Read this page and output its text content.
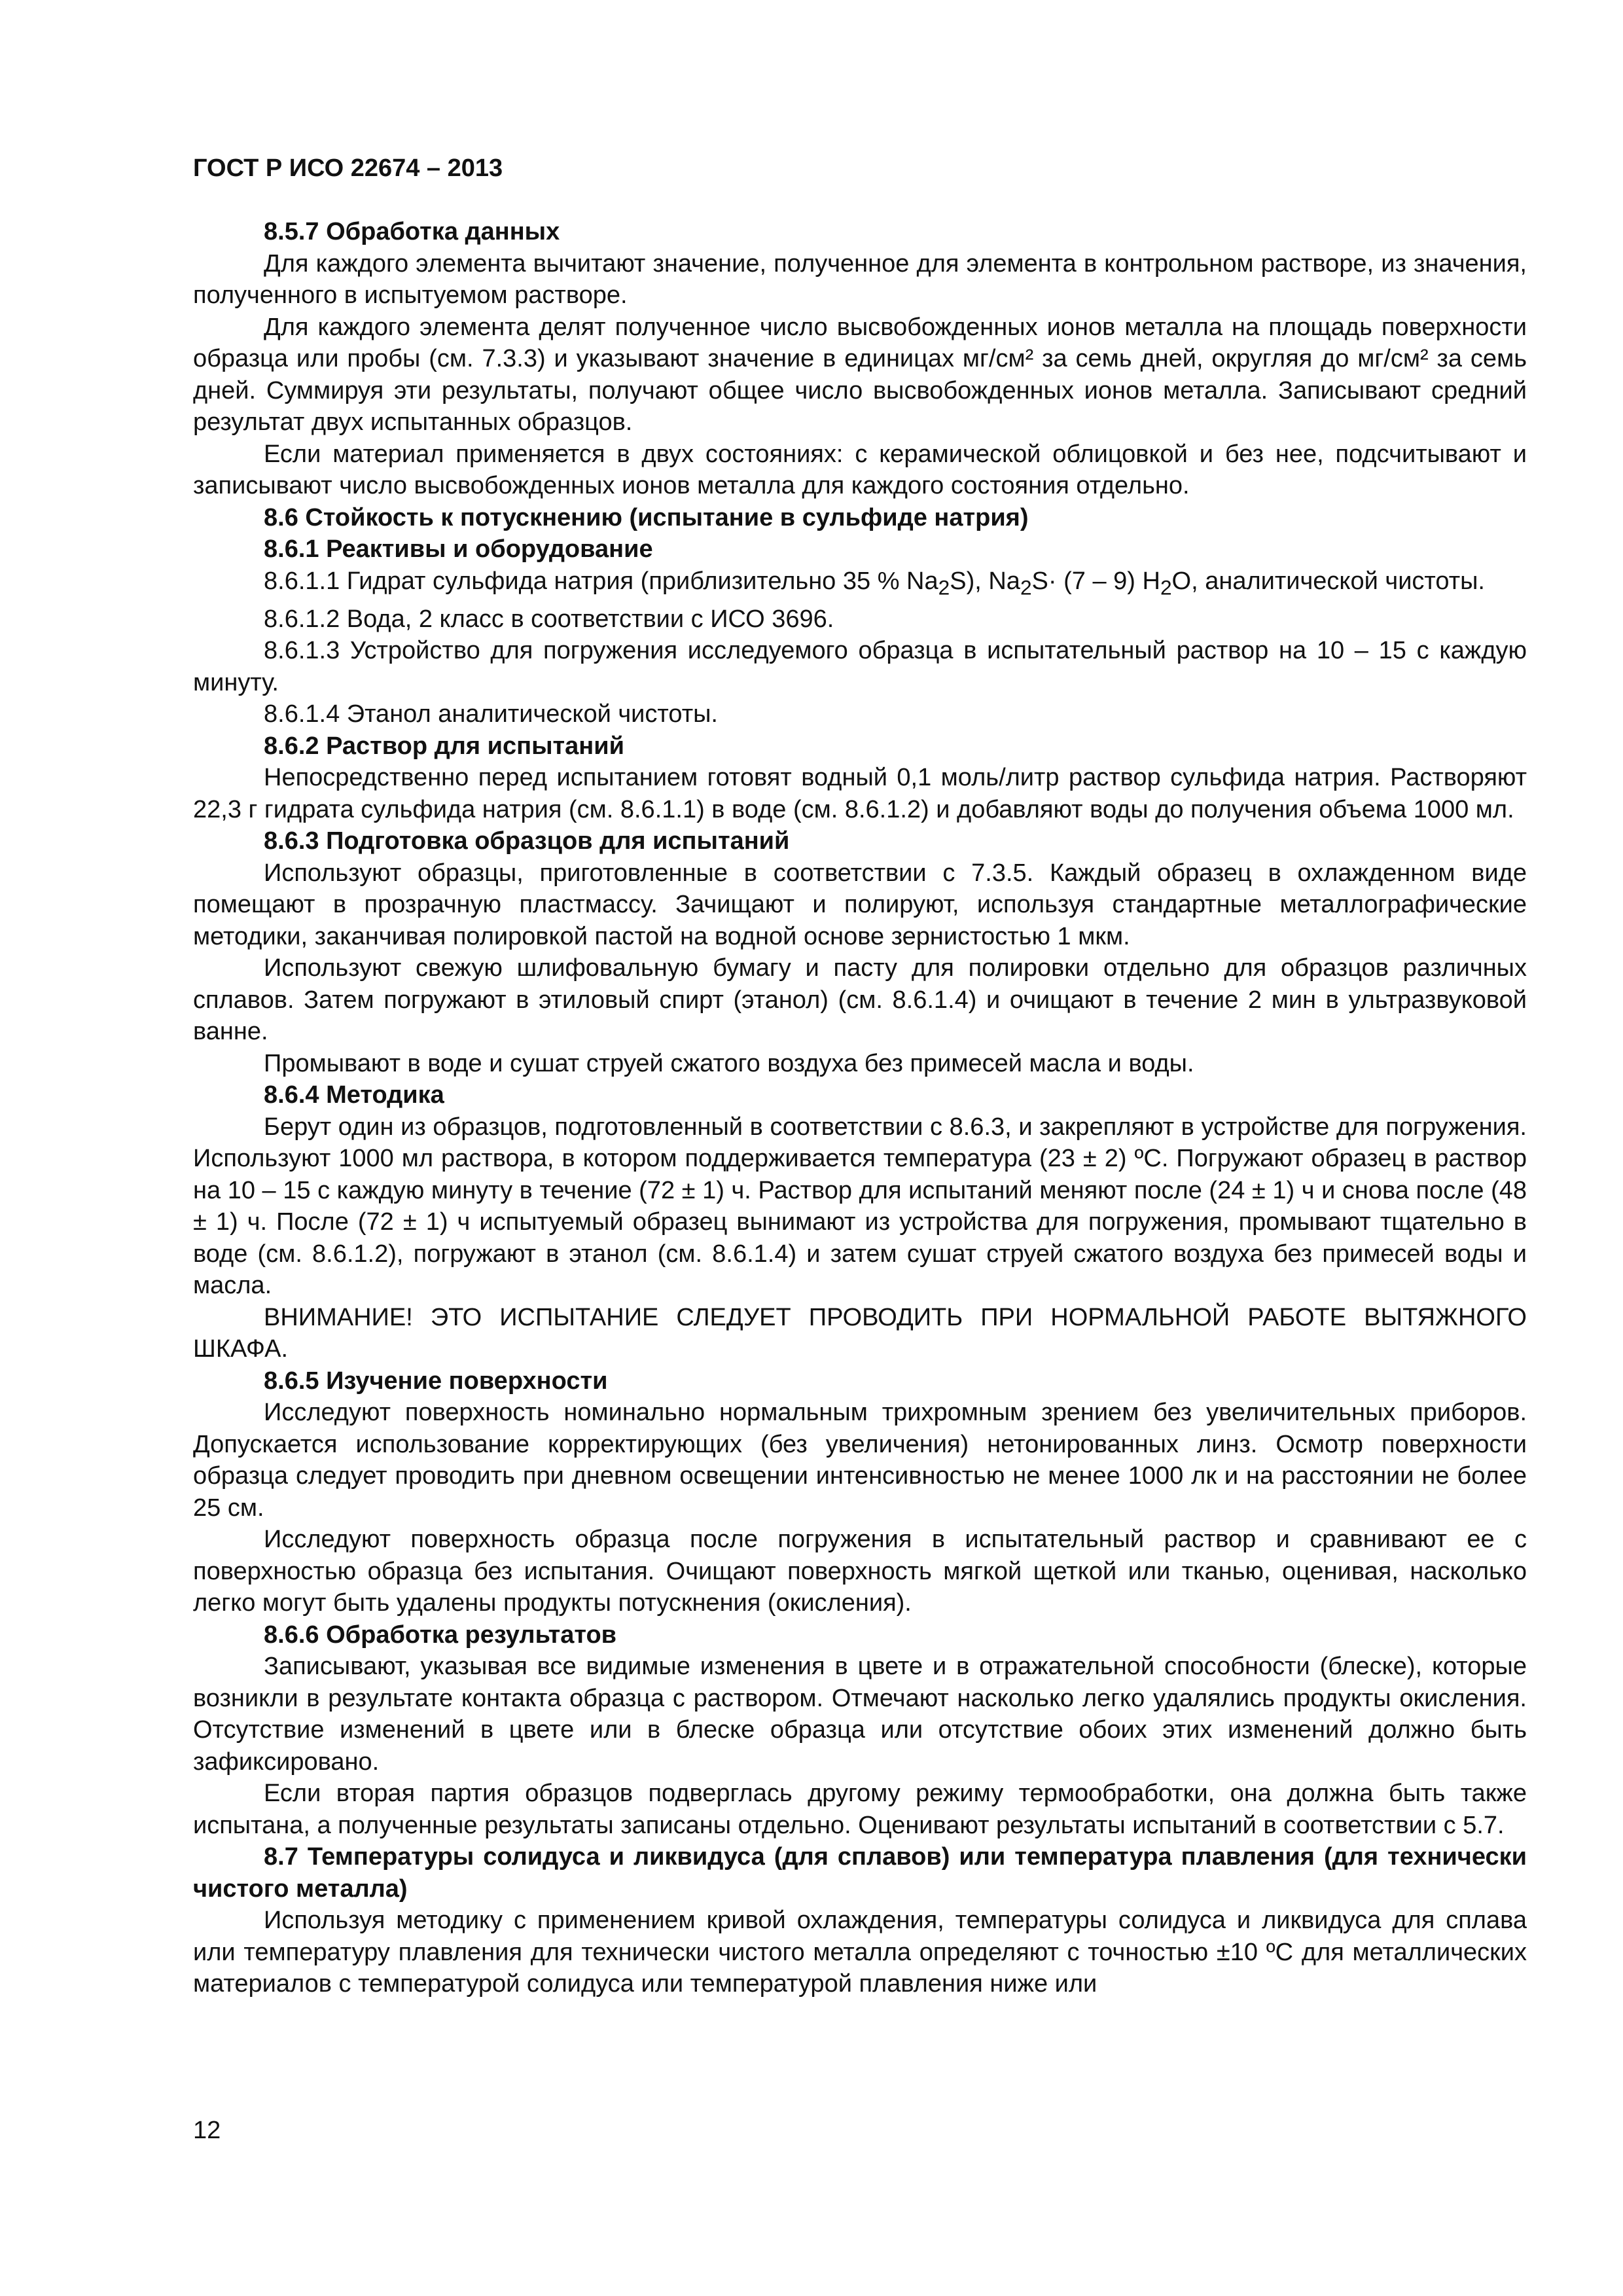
ГОСТ Р ИСО 22674 – 2013
8.5.7 Обработка данных

Для каждого элемента вычитают значение, полученное для элемента в контрольном растворе, из значения, полученного в испытуемом растворе.

Для каждого элемента делят полученное число высвобожденных ионов металла на площадь поверхности образца или пробы (см. 7.3.3) и указывают значение в единицах мг/см² за семь дней, округляя до мг/см² за семь дней. Суммируя эти результаты, получают общее число высвобожденных ионов металла. Записывают средний результат двух испытанных образцов.

Если материал применяется в двух состояниях: с керамической облицовкой и без нее, подсчитывают и записывают число высвобожденных ионов металла для каждого состояния отдельно.

8.6 Стойкость к потускнению (испытание в сульфиде натрия)
8.6.1 Реактивы и оборудование

8.6.1.1 Гидрат сульфида натрия (приблизительно 35 % $Na_2S$), $Na_2S\cdot (7 - 9)$ $H_2O$, аналитической чистоты.

8.6.1.2 Вода, 2 класс в соответствии с ИСО 3696.

8.6.1.3 Устройство для погружения исследуемого образца в испытательный раствор на 10 – 15 с каждую минуту.

8.6.1.4 Этанол аналитической чистоты.

8.6.2 Раствор для испытаний

Непосредственно перед испытанием готовят водный 0,1 моль/литр раствор сульфида натрия. Растворяют 22,3 г гидрата сульфида натрия (см. 8.6.1.1) в воде (см. 8.6.1.2) и добавляют воды до получения объема 1000 мл.

8.6.3 Подготовка образцов для испытаний

Используют образцы, приготовленные в соответствии с 7.3.5. Каждый образец в охлажденном виде помещают в прозрачную пластмассу. Зачищают и полируют, используя стандартные металлографические методики, заканчивая полировкой пастой на водной основе зернистостью 1 мкм.

Используют свежую шлифовальную бумагу и пасту для полировки отдельно для образцов различных сплавов. Затем погружают в этиловый спирт (этанол) (см. 8.6.1.4) и очищают в течение 2 мин в ультразвуковой ванне.

Промывают в воде и сушат струей сжатого воздуха без примесей масла и воды.

8.6.4 Методика

Берут один из образцов, подготовленный в соответствии с 8.6.3, и закрепляют в устройстве для погружения. Используют 1000 мл раствора, в котором поддерживается температура (23 ± 2) ºС. Погружают образец в раствор на 10 – 15 с каждую минуту в течение (72 ± 1) ч. Раствор для испытаний меняют после (24 ± 1) ч и снова после (48 ± 1) ч. После (72 ± 1) ч испытуемый образец вынимают из устройства для погружения, промывают тщательно в воде (см. 8.6.1.2), погружают в этанол (см. 8.6.1.4) и затем сушат струей сжатого воздуха без примесей воды и масла.

ВНИМАНИЕ! ЭТО ИСПЫТАНИЕ СЛЕДУЕТ ПРОВОДИТЬ ПРИ НОРМАЛЬНОЙ РАБОТЕ ВЫТЯЖНОГО ШКАФА.

8.6.5 Изучение поверхности

Исследуют поверхность номинально нормальным трихромным зрением без увеличительных приборов. Допускается использование корректирующих (без увеличения) нетонированных линз. Осмотр поверхности образца следует проводить при дневном освещении интенсивностью не менее 1000 лк и на расстоянии не более 25 см.

Исследуют поверхность образца после погружения в испытательный раствор и сравнивают ее с поверхностью образца без испытания. Очищают поверхность мягкой щеткой или тканью, оценивая, насколько легко могут быть удалены продукты потускнения (окисления).

8.6.6 Обработка результатов

Записывают, указывая все видимые изменения в цвете и в отражательной способности (блеске), которые возникли в результате контакта образца с раствором. Отмечают насколько легко удалялись продукты окисления. Отсутствие изменений в цвете или в блеске образца или отсутствие обоих этих изменений должно быть зафиксировано.

Если вторая партия образцов подверглась другому режиму термообработки, она должна быть также испытана, а полученные результаты записаны отдельно. Оценивают результаты испытаний в соответствии с 5.7.

8.7 Температуры солидуса и ликвидуса (для сплавов) или температура плавления (для технически чистого металла)

Используя методику с применением кривой охлаждения, температуры солидуса и ликвидуса для сплава или температуру плавления для технически чистого металла определяют с точностью ±10 ºС для металлических материалов с температурой солидуса или температурой плавления ниже или

12
